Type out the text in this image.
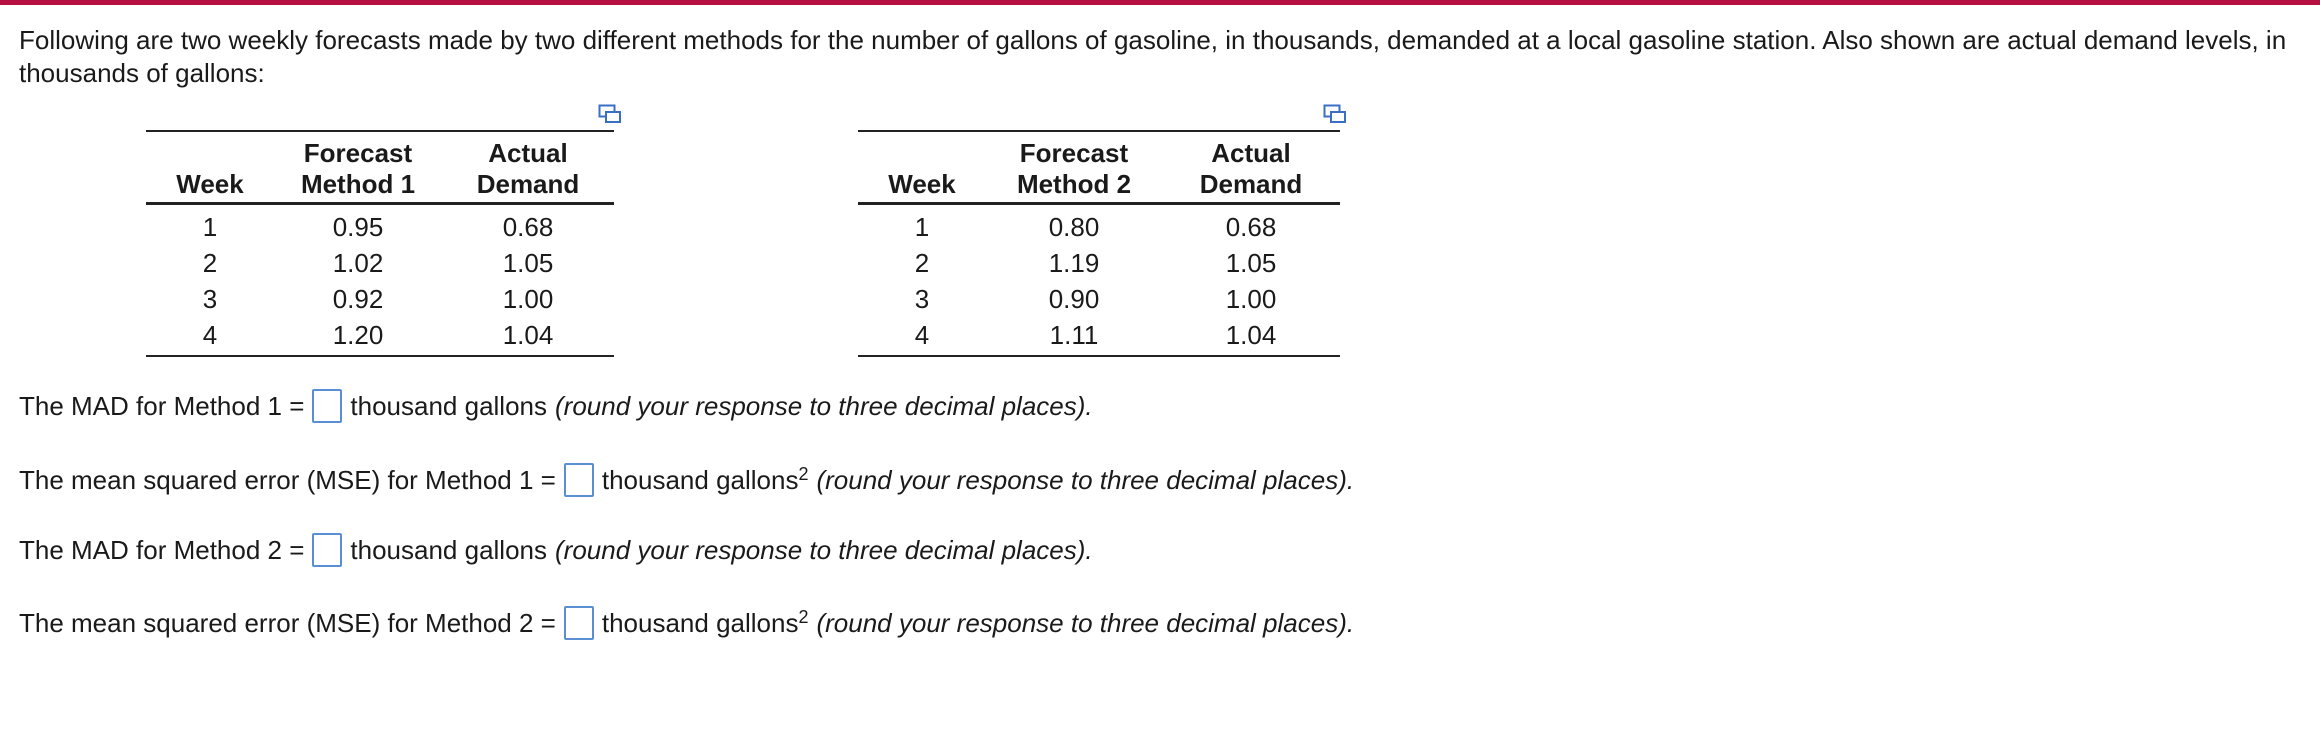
Following are two weekly forecasts made by two different methods for the number of gallons of gasoline, in thousands, demanded at a local gasoline station. Also shown are actual demand levels, in thousands of gallons:
	Forecast	Actual
Week	Method 1	Demand
1	0.95	0.68
2	1.02	1.05
3	0.92	1.00
4	1.20	1.04
	Forecast	Actual
Week	Method 2	Demand
1	0.80	0.68
2	1.19	1.05
3	0.90	1.00
4	1.11	1.04
The MAD for Method 1 = thousand gallons (round your response to three decimal places).
The mean squared error (MSE) for Method 1 = thousand gallons$^2$ (round your response to three decimal places).
The MAD for Method 2 = thousand gallons (round your response to three decimal places).
The mean squared error (MSE) for Method 2 = thousand gallons$^2$ (round your response to three decimal places).
